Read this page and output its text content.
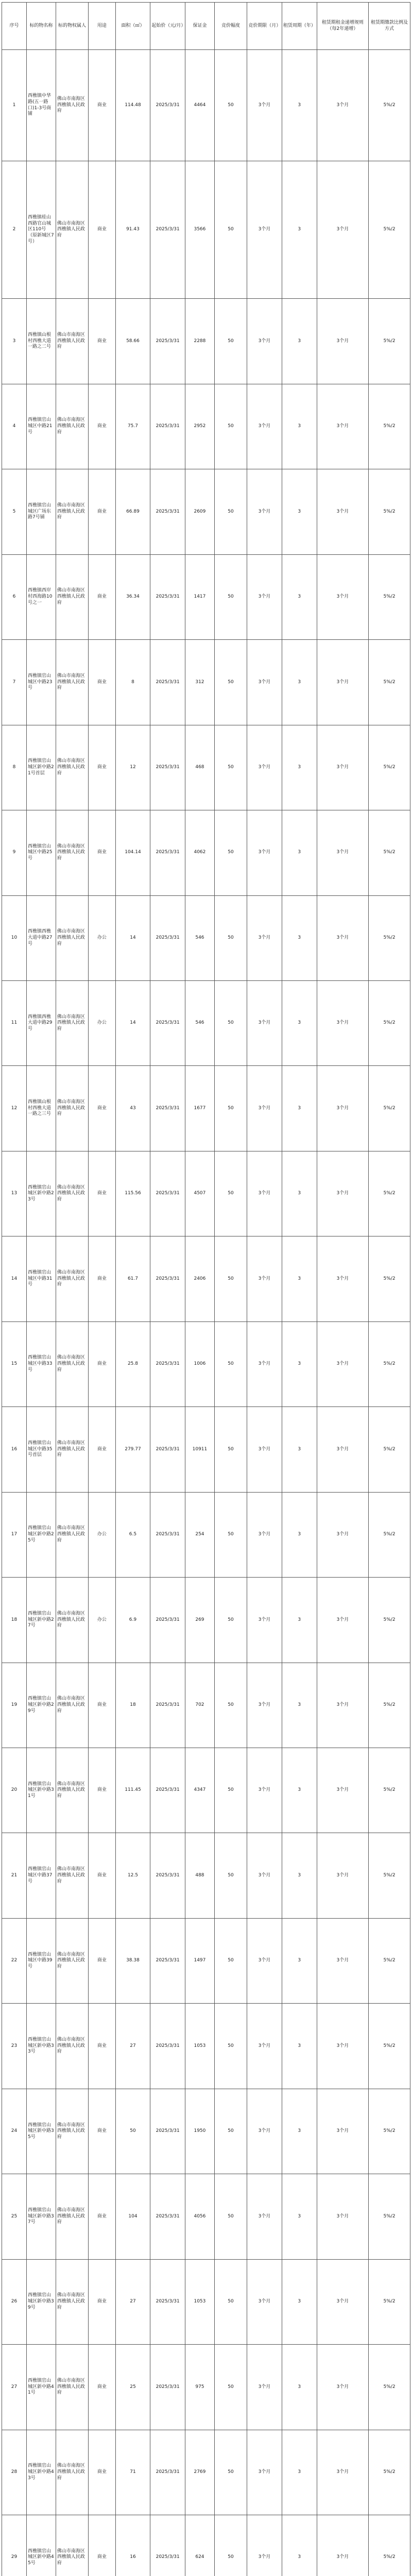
序号	标的物名称	标的物权属人	用途	面积（㎡）	起始价（元/月）	保证金	竞价幅度	竞价期限（月）	租赁周期（年）	租赁期租金递增规则（每2年递增）	租赁期缴款比例及方式
1	西樵镇中华路(五一路口)1-3号商铺	佛山市南海区西樵镇人民政府	商业	114.48	2025/3/31	4464	50	3个月	3	3个月	5%/2
2	西樵镇桂山西路官山城区110号（原新城区7号）	佛山市南海区西樵镇人民政府	商业	91.43	2025/3/31	3566	50	3个月	3	3个月	5%/2
3	西樵镇山根村西樵大道一路之二号	佛山市南海区西樵镇人民政府	商业	58.66	2025/3/31	2288	50	3个月	3	3个月	5%/2
4	西樵镇官山城区中路21号	佛山市南海区西樵镇人民政府	商业	75.7	2025/3/31	2952	50	3个月	3	3个月	5%/2
5	西樵镇官山城区广场东路7号铺	佛山市南海区西樵镇人民政府	商业	66.89	2025/3/31	2609	50	3个月	3	3个月	5%/2
6	西樵镇西岸村西海路10号之一	佛山市南海区西樵镇人民政府	商业	36.34	2025/3/31	1417	50	3个月	3	3个月	5%/2
7	西樵镇官山城区中路23号	佛山市南海区西樵镇人民政府	商业	8	2025/3/31	312	50	3个月	3	3个月	5%/2
8	西樵镇官山城区新中路21号首层	佛山市南海区西樵镇人民政府	商业	12	2025/3/31	468	50	3个月	3	3个月	5%/2
9	西樵镇官山城区中路25号	佛山市南海区西樵镇人民政府	商业	104.14	2025/3/31	4062	50	3个月	3	3个月	5%/2
10	西樵镇西樵大道中路27号	佛山市南海区西樵镇人民政府	办公	14	2025/3/31	546	50	3个月	3	3个月	5%/2
11	西樵镇西樵大道中路29号	佛山市南海区西樵镇人民政府	办公	14	2025/3/31	546	50	3个月	3	3个月	5%/2
12	西樵镇山根村西樵大道一路之三号	佛山市南海区西樵镇人民政府	商业	43	2025/3/31	1677	50	3个月	3	3个月	5%/2
13	西樵镇官山城区新中路23号	佛山市南海区西樵镇人民政府	商业	115.56	2025/3/31	4507	50	3个月	3	3个月	5%/2
14	西樵镇官山城区中路31号	佛山市南海区西樵镇人民政府	商业	61.7	2025/3/31	2406	50	3个月	3	3个月	5%/2
15	西樵镇官山城区中路33号	佛山市南海区西樵镇人民政府	商业	25.8	2025/3/31	1006	50	3个月	3	3个月	5%/2
16	西樵镇官山城区中路35号首层	佛山市南海区西樵镇人民政府	商业	279.77	2025/3/31	10911	50	3个月	3	3个月	5%/2
17	西樵镇官山城区新中路25号	佛山市南海区西樵镇人民政府	办公	6.5	2025/3/31	254	50	3个月	3	3个月	5%/2
18	西樵镇官山城区新中路27号	佛山市南海区西樵镇人民政府	办公	6.9	2025/3/31	269	50	3个月	3	3个月	5%/2
19	西樵镇官山城区新中路29号	佛山市南海区西樵镇人民政府	商业	18	2025/3/31	702	50	3个月	3	3个月	5%/2
20	西樵镇官山城区新中路31号	佛山市南海区西樵镇人民政府	商业	111.45	2025/3/31	4347	50	3个月	3	3个月	5%/2
21	西樵镇官山城区中路37号	佛山市南海区西樵镇人民政府	商业	12.5	2025/3/31	488	50	3个月	3	3个月	5%/2
22	西樵镇官山城区中路39号	佛山市南海区西樵镇人民政府	商业	38.38	2025/3/31	1497	50	3个月	3	3个月	5%/2
23	西樵镇官山城区新中路33号	佛山市南海区西樵镇人民政府	商业	27	2025/3/31	1053	50	3个月	3	3个月	5%/2
24	西樵镇官山城区新中路35号	佛山市南海区西樵镇人民政府	商业	50	2025/3/31	1950	50	3个月	3	3个月	5%/2
25	西樵镇官山城区新中路37号	佛山市南海区西樵镇人民政府	商业	104	2025/3/31	4056	50	3个月	3	3个月	5%/2
26	西樵镇官山城区新中路39号	佛山市南海区西樵镇人民政府	商业	27	2025/3/31	1053	50	3个月	3	3个月	5%/2
27	西樵镇官山城区新中路41号	佛山市南海区西樵镇人民政府	商业	25	2025/3/31	975	50	3个月	3	3个月	5%/2
28	西樵镇官山城区新中路43号	佛山市南海区西樵镇人民政府	商业	71	2025/3/31	2769	50	3个月	3	3个月	5%/2
29	西樵镇官山城区新中路45号	佛山市南海区西樵镇人民政府	商业	16	2025/3/31	624	50	3个月	3	3个月	5%/2
